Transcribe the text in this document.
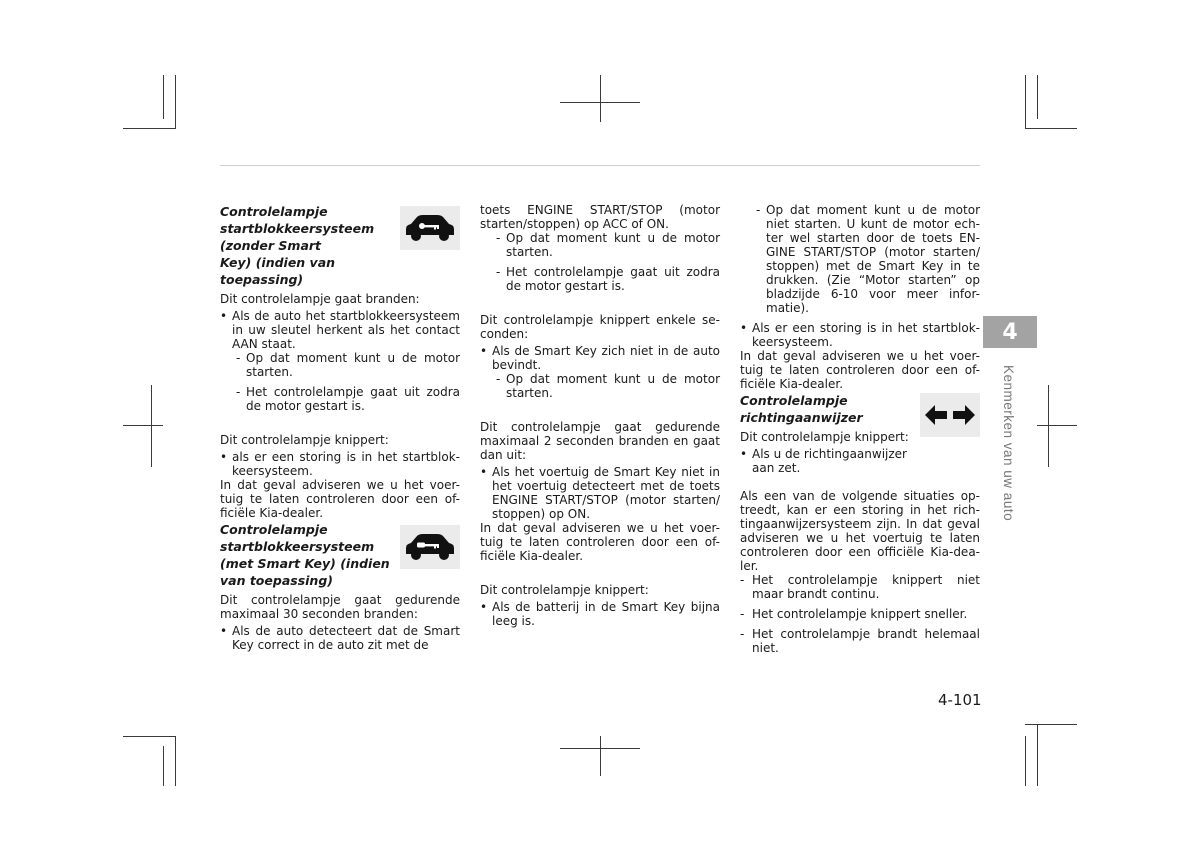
4
Kenmerken van uw auto
Controlelampje
startblokkeersysteem
(zonder Smart
Key) (indien van
toepassing)

Dit controlelampje gaat branden:

• Als de auto het startblokkeersysteem in uw sleutel herkent als het contact AAN staat.
- Op dat moment kunt u de motor starten.
- Het controlelampje gaat uit zodra de motor gestart is.

Dit controlelampje knippert:

• als er een storing is in het startblok-keersysteem.

In dat geval adviseren we u het voer-tuig te laten controleren door een of-ficiële Kia-dealer.

Controlelampje
startblokkeersysteem
(met Smart Key) (indien
van toepassing)

Dit controlelampje gaat gedurende maximaal 30 seconden branden:

• Als de auto detecteert dat de Smart Key correct in de auto zit met de

toets ENGINE START/STOP (motor starten/stoppen) op ACC of ON.

- Op dat moment kunt u de motor starten.
- Het controlelampje gaat uit zodra de motor gestart is.

Dit controlelampje knippert enkele se-conden:

• Als de Smart Key zich niet in de auto bevindt.
- Op dat moment kunt u de motor starten.

Dit controlelampje gaat gedurende maximaal 2 seconden branden en gaat dan uit:

• Als het voertuig de Smart Key niet in het voertuig detecteert met de toets ENGINE START/STOP (motor starten/ stoppen) op ON.

In dat geval adviseren we u het voer-tuig te laten controleren door een of-ficiële Kia-dealer.

Dit controlelampje knippert:

• Als de batterij in de Smart Key bijna leeg is.
- Op dat moment kunt u de motor niet starten. U kunt de motor ech-ter wel starten door de toets EN-GINE START/STOP (motor starten/ stoppen) met de Smart Key in te drukken. (Zie “Motor starten” op bladzijde 6-10 voor meer infor-matie).
• Als er een storing is in het startblok-keersysteem.

In dat geval adviseren we u het voer-tuig te laten controleren door een of-ficiële Kia-dealer.

Controlelampje
richtingaanwijzer

Dit controlelampje knippert:

• Als u de richtingaanwijzer aan zet.

Als een van de volgende situaties op-treedt, kan er een storing in het rich-tingaanwijzersysteem zijn. In dat geval adviseren we u het voertuig te laten controleren door een officiële Kia-dea-ler.

- Het controlelampje knippert niet maar brandt continu.
- Het controlelampje knippert sneller.
- Het controlelampje brandt helemaal niet.
4-101
